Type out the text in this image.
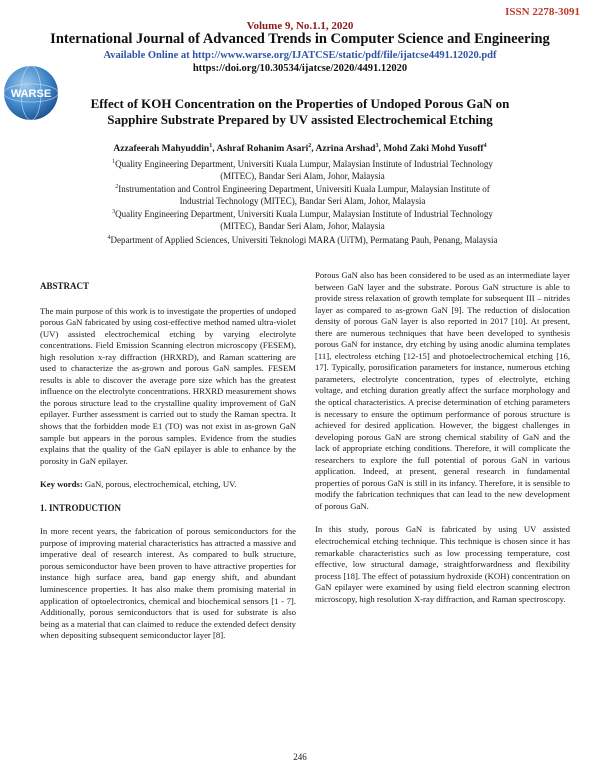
ISSN 2278-3091
Volume 9, No.1.1, 2020
International Journal of Advanced Trends in Computer Science and Engineering
Available Online at http://www.warse.org/IJATCSE/static/pdf/file/ijatcse4491.12020.pdf
https://doi.org/10.30534/ijatcse/2020/4491.12020
WARSE
Effect of KOH Concentration on the Properties of Undoped Porous GaN on
Sapphire Substrate Prepared by UV assisted Electrochemical Etching
Azzafeerah Mahyuddin$^1$, Ashraf Rohanim Asari$^2$, Azrina Arshad$^3$, Mohd Zaki Mohd Yusoff$^4$

$^1$Quality Engineering Department, Universiti Kuala Lumpur, Malaysian Institute of Industrial Technology
(MITEC), Bandar Seri Alam, Johor, Malaysia

$^2$Instrumentation and Control Engineering Department, Universiti Kuala Lumpur, Malaysian Institute of
Industrial Technology (MITEC), Bandar Seri Alam, Johor, Malaysia

$^3$Quality Engineering Department, Universiti Kuala Lumpur, Malaysian Institute of Industrial Technology
(MITEC), Bandar Seri Alam, Johor, Malaysia

$^4$Department of Applied Sciences, Universiti Teknologi MARA (UiTM), Permatang Pauh, Penang, Malaysia

ABSTRACT

The main purpose of this work is to investigate the properties of undoped porous GaN fabricated by using cost-effective method named ultra-violet (UV) assisted electrochemical etching by varying electrolyte concentrations. Field Emission Scanning electron microscopy (FESEM), high resolution x-ray diffraction (HRXRD), and Raman scattering are used to characterize the as-grown and porous GaN samples. FESEM results is able to discover the average pore size which has the greatest influence on the electrolyte concentrations. HRXRD measurement shows the porous structure lead to the crystalline quality improvement of GaN epilayer. Further assessment is carried out to study the Raman spectra. It shows that the forbidden mode E1 (TO) was not exist in as-grown GaN sample but appears in the porous samples. Evidence from the studies explains that the quality of the GaN epilayer is able to enhance by the porosity in GaN epilayer.

Key words: GaN, porous, electrochemical, etching, UV.

1. INTRODUCTION

In more recent years, the fabrication of porous semiconductors for the purpose of improving material characteristics has attracted a massive and imperative deal of research interest. As compared to bulk structure, porous semiconductor have been proven to have attractive properties for instance high surface area, band gap energy shift, and abundant luminescence properties. It has also make them promising material in application of optoelectronics, chemical and biochemical sensors [1 - 7]. Additionally, porous semiconductors that is used for substrate is also being as a material that can claimed to reduce the extended defect density when depositing subsequent semiconductor layer [8].

Porous GaN also has been considered to be used as an intermediate layer between GaN layer and the substrate. Porous GaN structure is able to provide stress relaxation of growth template for subsequent III – nitrides layer as compared to as-grown GaN [9]. The reduction of dislocation density of porous GaN layer is also reported in 2017 [10]. At present, there are numerous techniques that have been developed to synthesis porous GaN for instance, dry etching by using anodic alumina templates [11], electroless etching [12-15] and photoelectrochemical etching [16, 17]. Typically, porosification parameters for instance, numerous etching parameters, electrolyte concentration, types of electrolyte, etching voltage, and etching duration greatly affect the surface morphology and the optical characteristics. A precise determination of etching parameters is necessary to ensure the optimum performance of porous structure is achieved for desired application. However, the biggest challenges in developing porous GaN are strong chemical stability of GaN and the lack of appropriate etching conditions. Therefore, it will complicate the researchers to explore the full potential of porous GaN in various application. Indeed, at present, general research in fundamental properties of porous GaN is still in its infancy. Therefore, it is sensible to modify the fabrication techniques that can lead to the new development of porous GaN.

In this study, porous GaN is fabricated by using UV assisted electrochemical etching technique. This technique is chosen since it has remarkable characteristics such as low processing temperature, cost effective, low structural damage, straightforwardness and flexibility process [18]. The effect of potassium hydroxide (KOH) concentration on GaN epilayer were examined by using field electron scanning electron microscopy, high resolution X-ray diffraction, and Raman spectroscopy.

246
